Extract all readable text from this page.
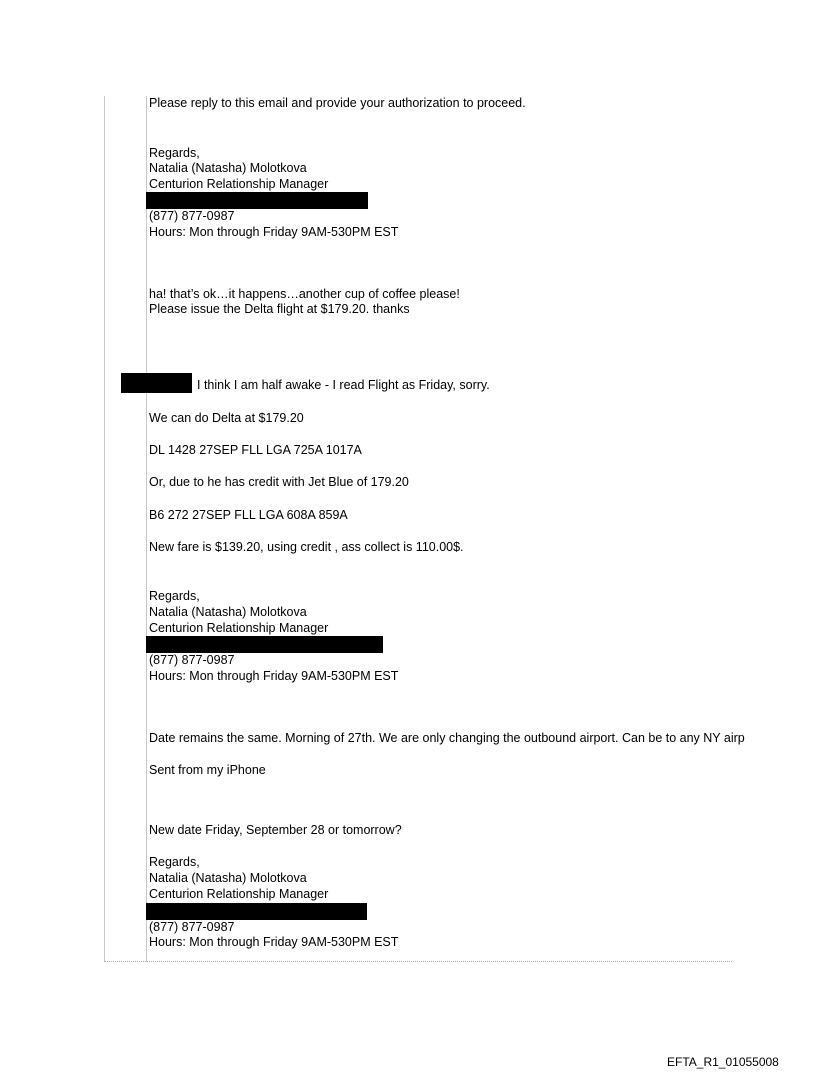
Please reply to this email and provide your authorization to proceed.
Regards,
Natalia (Natasha) Molotkova
Centurion Relationship Manager
(877) 877-0987
Hours: Mon through Friday 9AM-530PM EST
ha! that’s ok…it happens…another cup of coffee please!
Please issue the Delta flight at $179.20. thanks
I think I am half awake - I read Flight as Friday, sorry.
We can do Delta at $179.20
DL 1428 27SEP FLL LGA 725A 1017A
Or, due to he has credit with Jet Blue of 179.20
B6 272 27SEP FLL LGA 608A 859A
New fare is $139.20, using credit , ass collect is 110.00$.
Regards,
Natalia (Natasha) Molotkova
Centurion Relationship Manager
(877) 877-0987
Hours: Mon through Friday 9AM-530PM EST
Date remains the same. Morning of 27th. We are only changing the outbound airport. Can be to any NY airp
Sent from my iPhone
New date Friday, September 28 or tomorrow?
Regards,
Natalia (Natasha) Molotkova
Centurion Relationship Manager
(877) 877-0987
Hours: Mon through Friday 9AM-530PM EST
EFTA_R1_01055008
